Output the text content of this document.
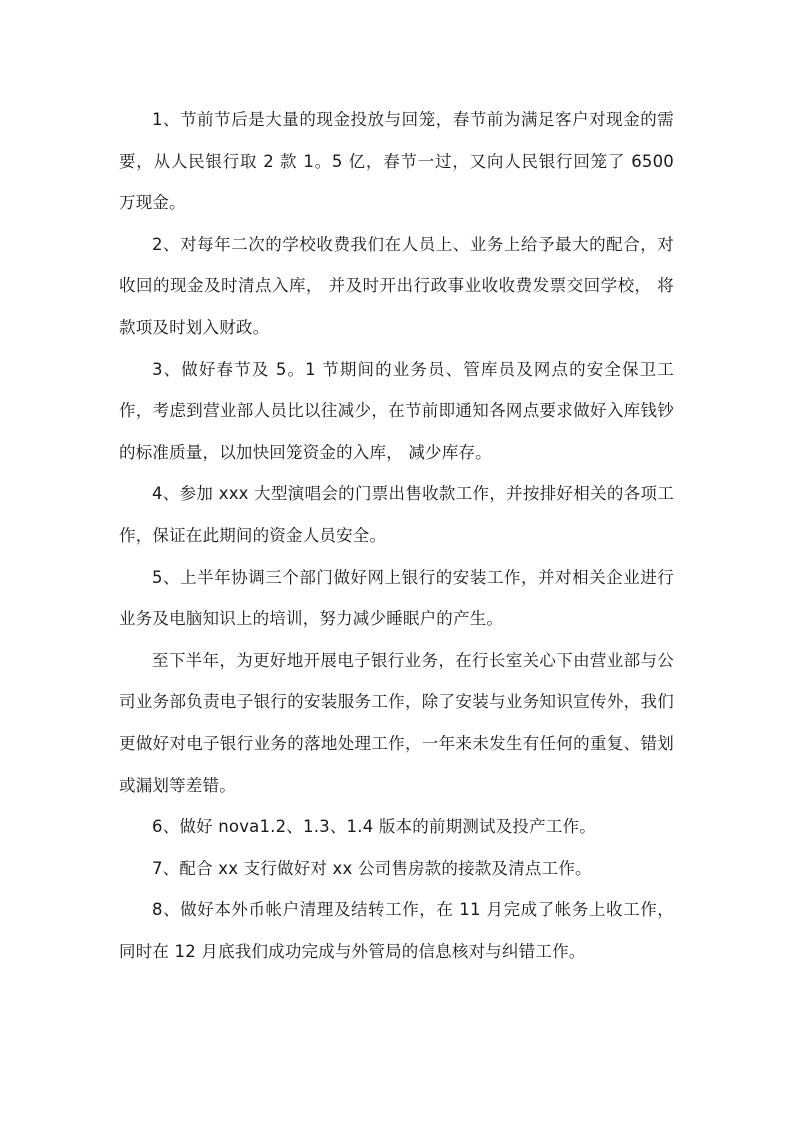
1、节前节后是大量的现金投放与回笼，春节前为满足客户对现金的需要，从人民银行取 2 款 1。5 亿，春节一过，又向人民银行回笼了 6500 万现金。

2、对每年二次的学校收费我们在人员上、业务上给予最大的配合，对收回的现金及时清点入库， 并及时开出行政事业收收费发票交回学校， 将款项及时划入财政。

3、做好春节及 5。1 节期间的业务员、管库员及网点的安全保卫工作，考虑到营业部人员比以往减少，在节前即通知各网点要求做好入库钱钞的标准质量，以加快回笼资金的入库， 减少库存。

4、参加 xxx 大型演唱会的门票出售收款工作，并按排好相关的各项工作，保证在此期间的资金人员安全。

5、上半年协调三个部门做好网上银行的安装工作，并对相关企业进行业务及电脑知识上的培训，努力减少睡眠户的产生。

至下半年，为更好地开展电子银行业务，在行长室关心下由营业部与公司业务部负责电子银行的安装服务工作，除了安装与业务知识宣传外，我们更做好对电子银行业务的落地处理工作，一年来未发生有任何的重复、错划或漏划等差错。

6、做好 nova1.2、1.3、1.4 版本的前期测试及投产工作。

7、配合 xx 支行做好对 xx 公司售房款的接款及清点工作。

8、做好本外币帐户清理及结转工作，在 11 月完成了帐务上收工作，同时在 12 月底我们成功完成与外管局的信息核对与纠错工作。
